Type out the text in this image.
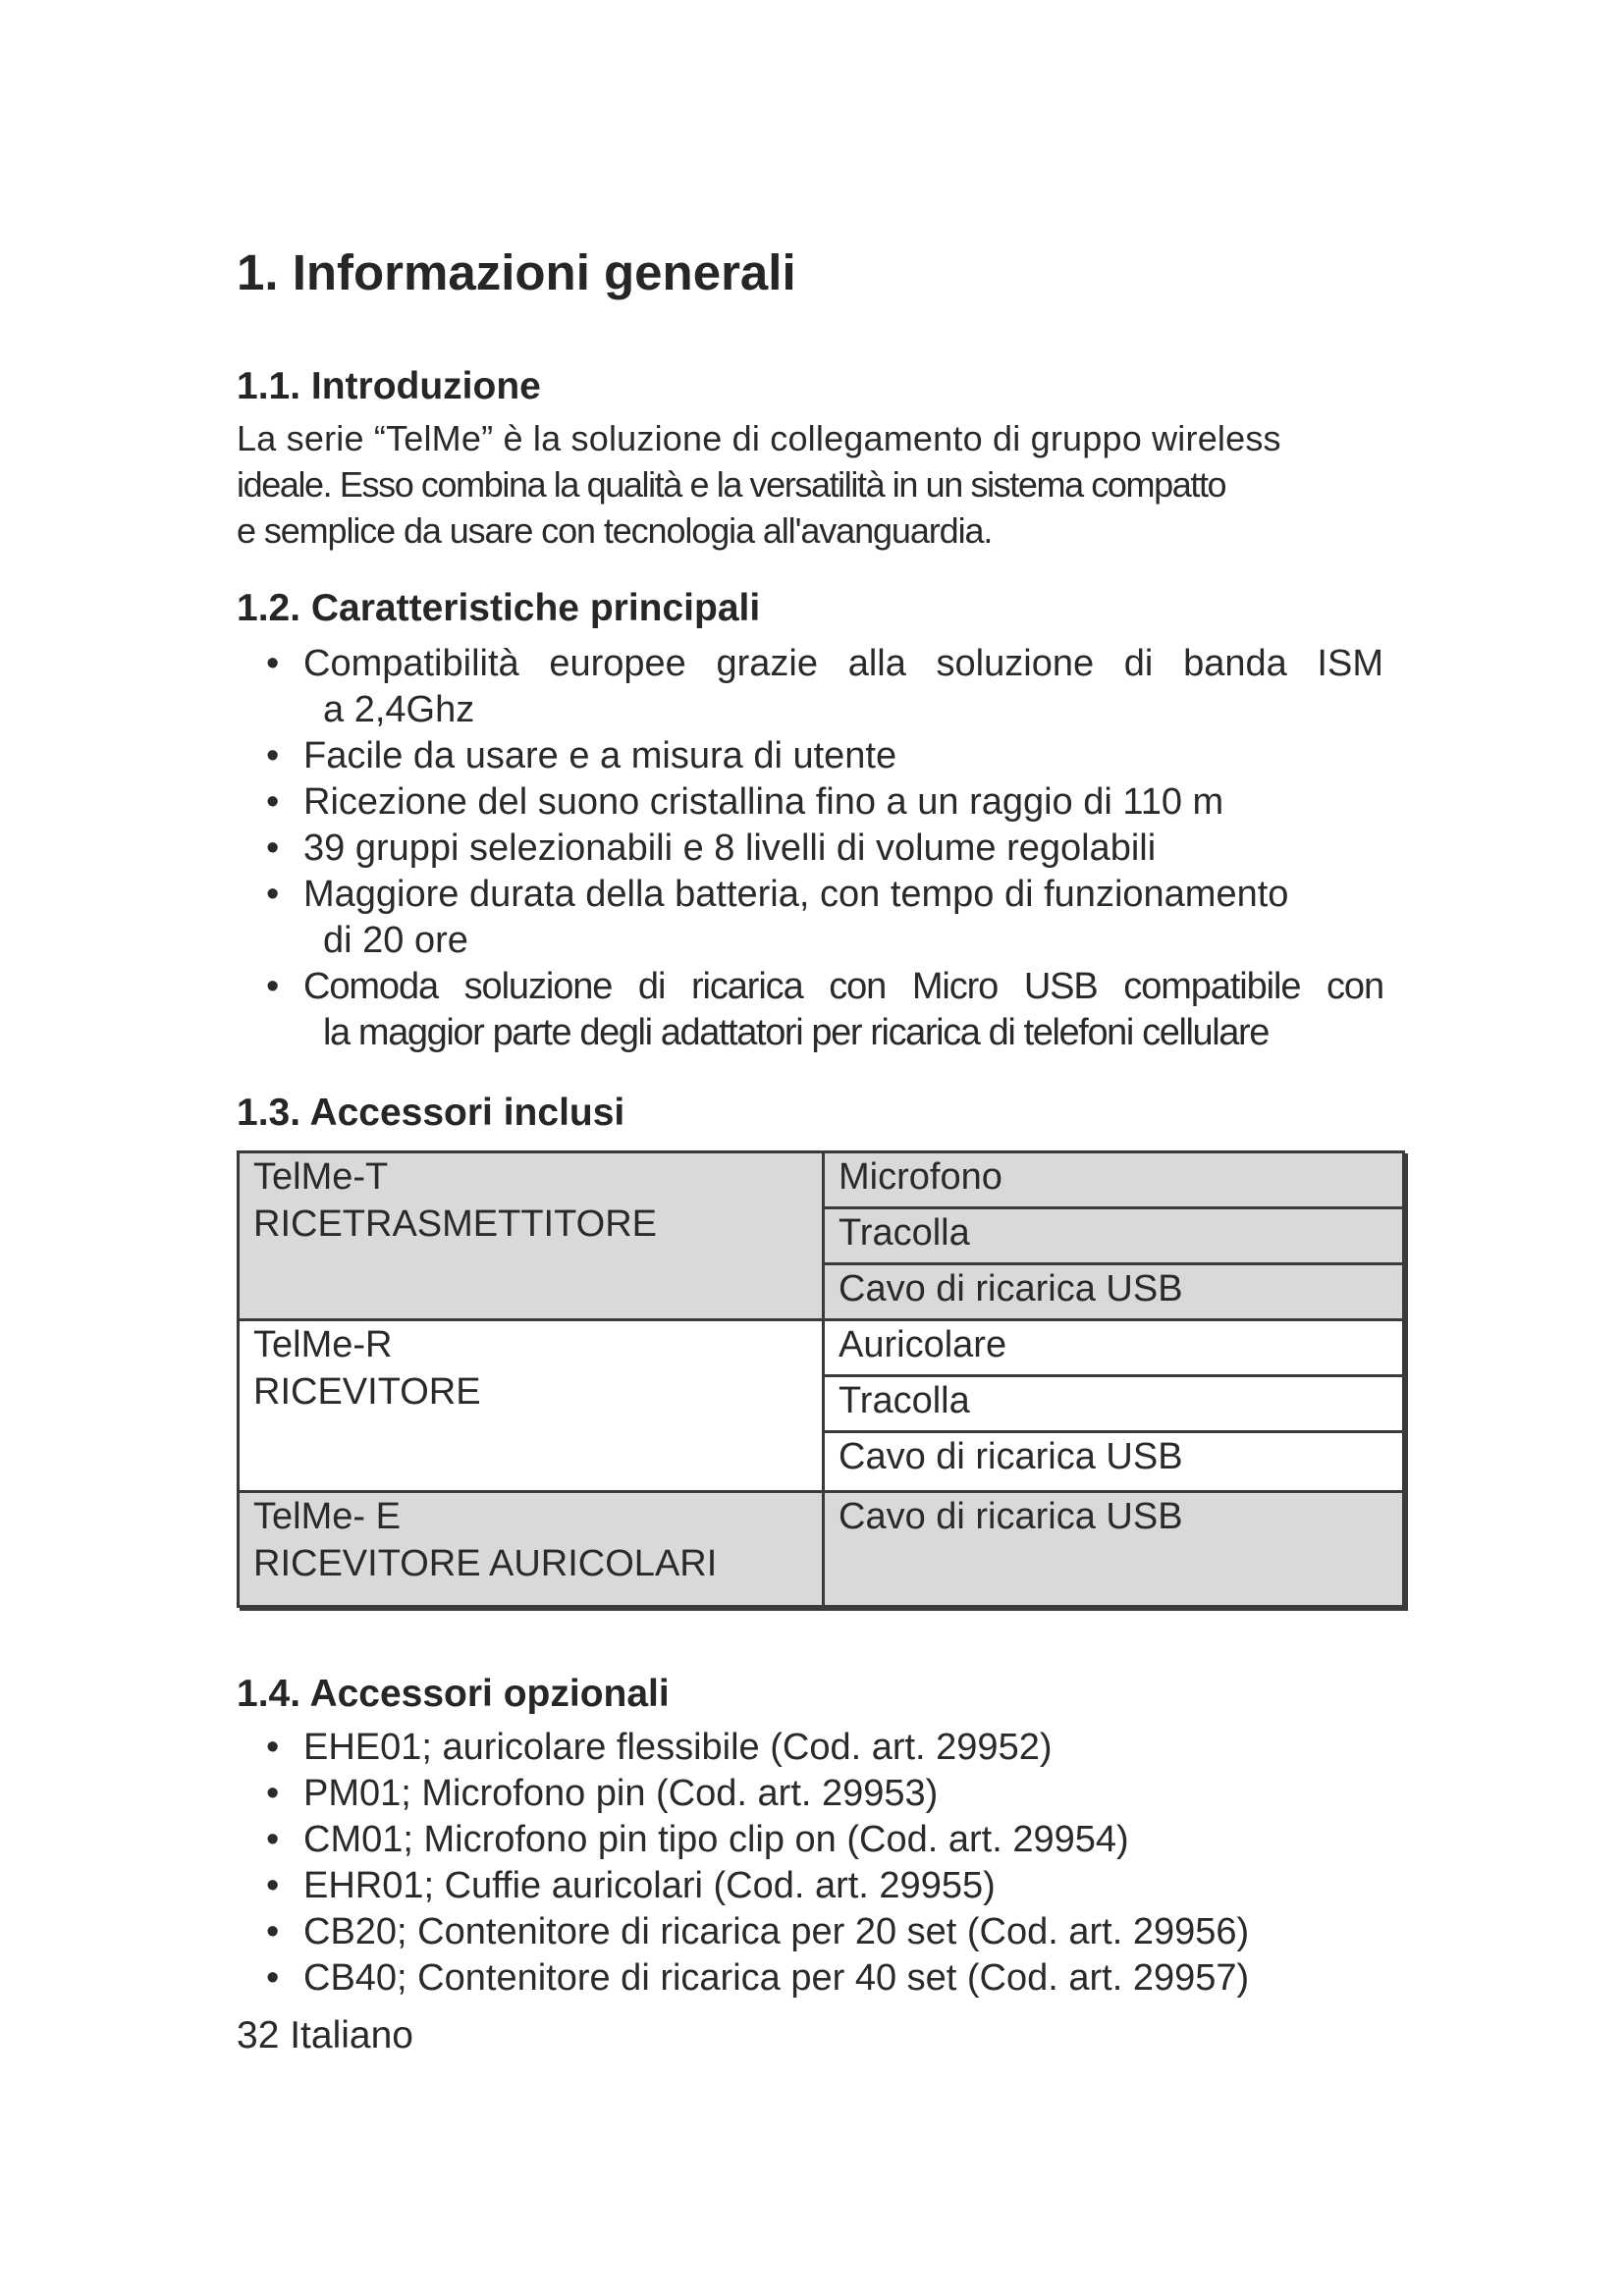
1. Informazioni generali
1.1. Introduzione

La serie “TelMe” è la soluzione di collegamento di gruppo wireless
ideale. Esso combina la qualità e la versatilità in un sistema compatto
e semplice da usare con tecnologia all'avanguardia.

1.2. Caratteristiche principali
• Compatibilità europee grazie alla soluzione di banda ISM
a 2,4Ghz
• Facile da usare e a misura di utente
• Ricezione del suono cristallina fino a un raggio di 110 m
• 39 gruppi selezionabili e 8 livelli di volume regolabili
• Maggiore durata della batteria, con tempo di funzionamento
di 20 ore
• Comoda soluzione di ricarica con Micro USB compatibile con
la maggior parte degli adattatori per ricarica di telefoni cellulare
1.3. Accessori inclusi
TelMe-T
RICETRASMETTITORE	Microfono
	Tracolla
	Cavo di ricarica USB

TelMe-R
RICEVITORE	Auricolare
	Tracolla
	Cavo di ricarica USB

TelMe- E
RICEVITORE AURICOLARI	Cavo di ricarica USB
1.4. Accessori opzionali
• EHE01; auricolare flessibile (Cod. art. 29952)
• PM01; Microfono pin (Cod. art. 29953)
• CM01; Microfono pin tipo clip on (Cod. art. 29954)
• EHR01; Cuffie auricolari (Cod. art. 29955)
• CB20; Contenitore di ricarica per 20 set (Cod. art. 29956)
• CB40; Contenitore di ricarica per 40 set (Cod. art. 29957)
32 Italiano
